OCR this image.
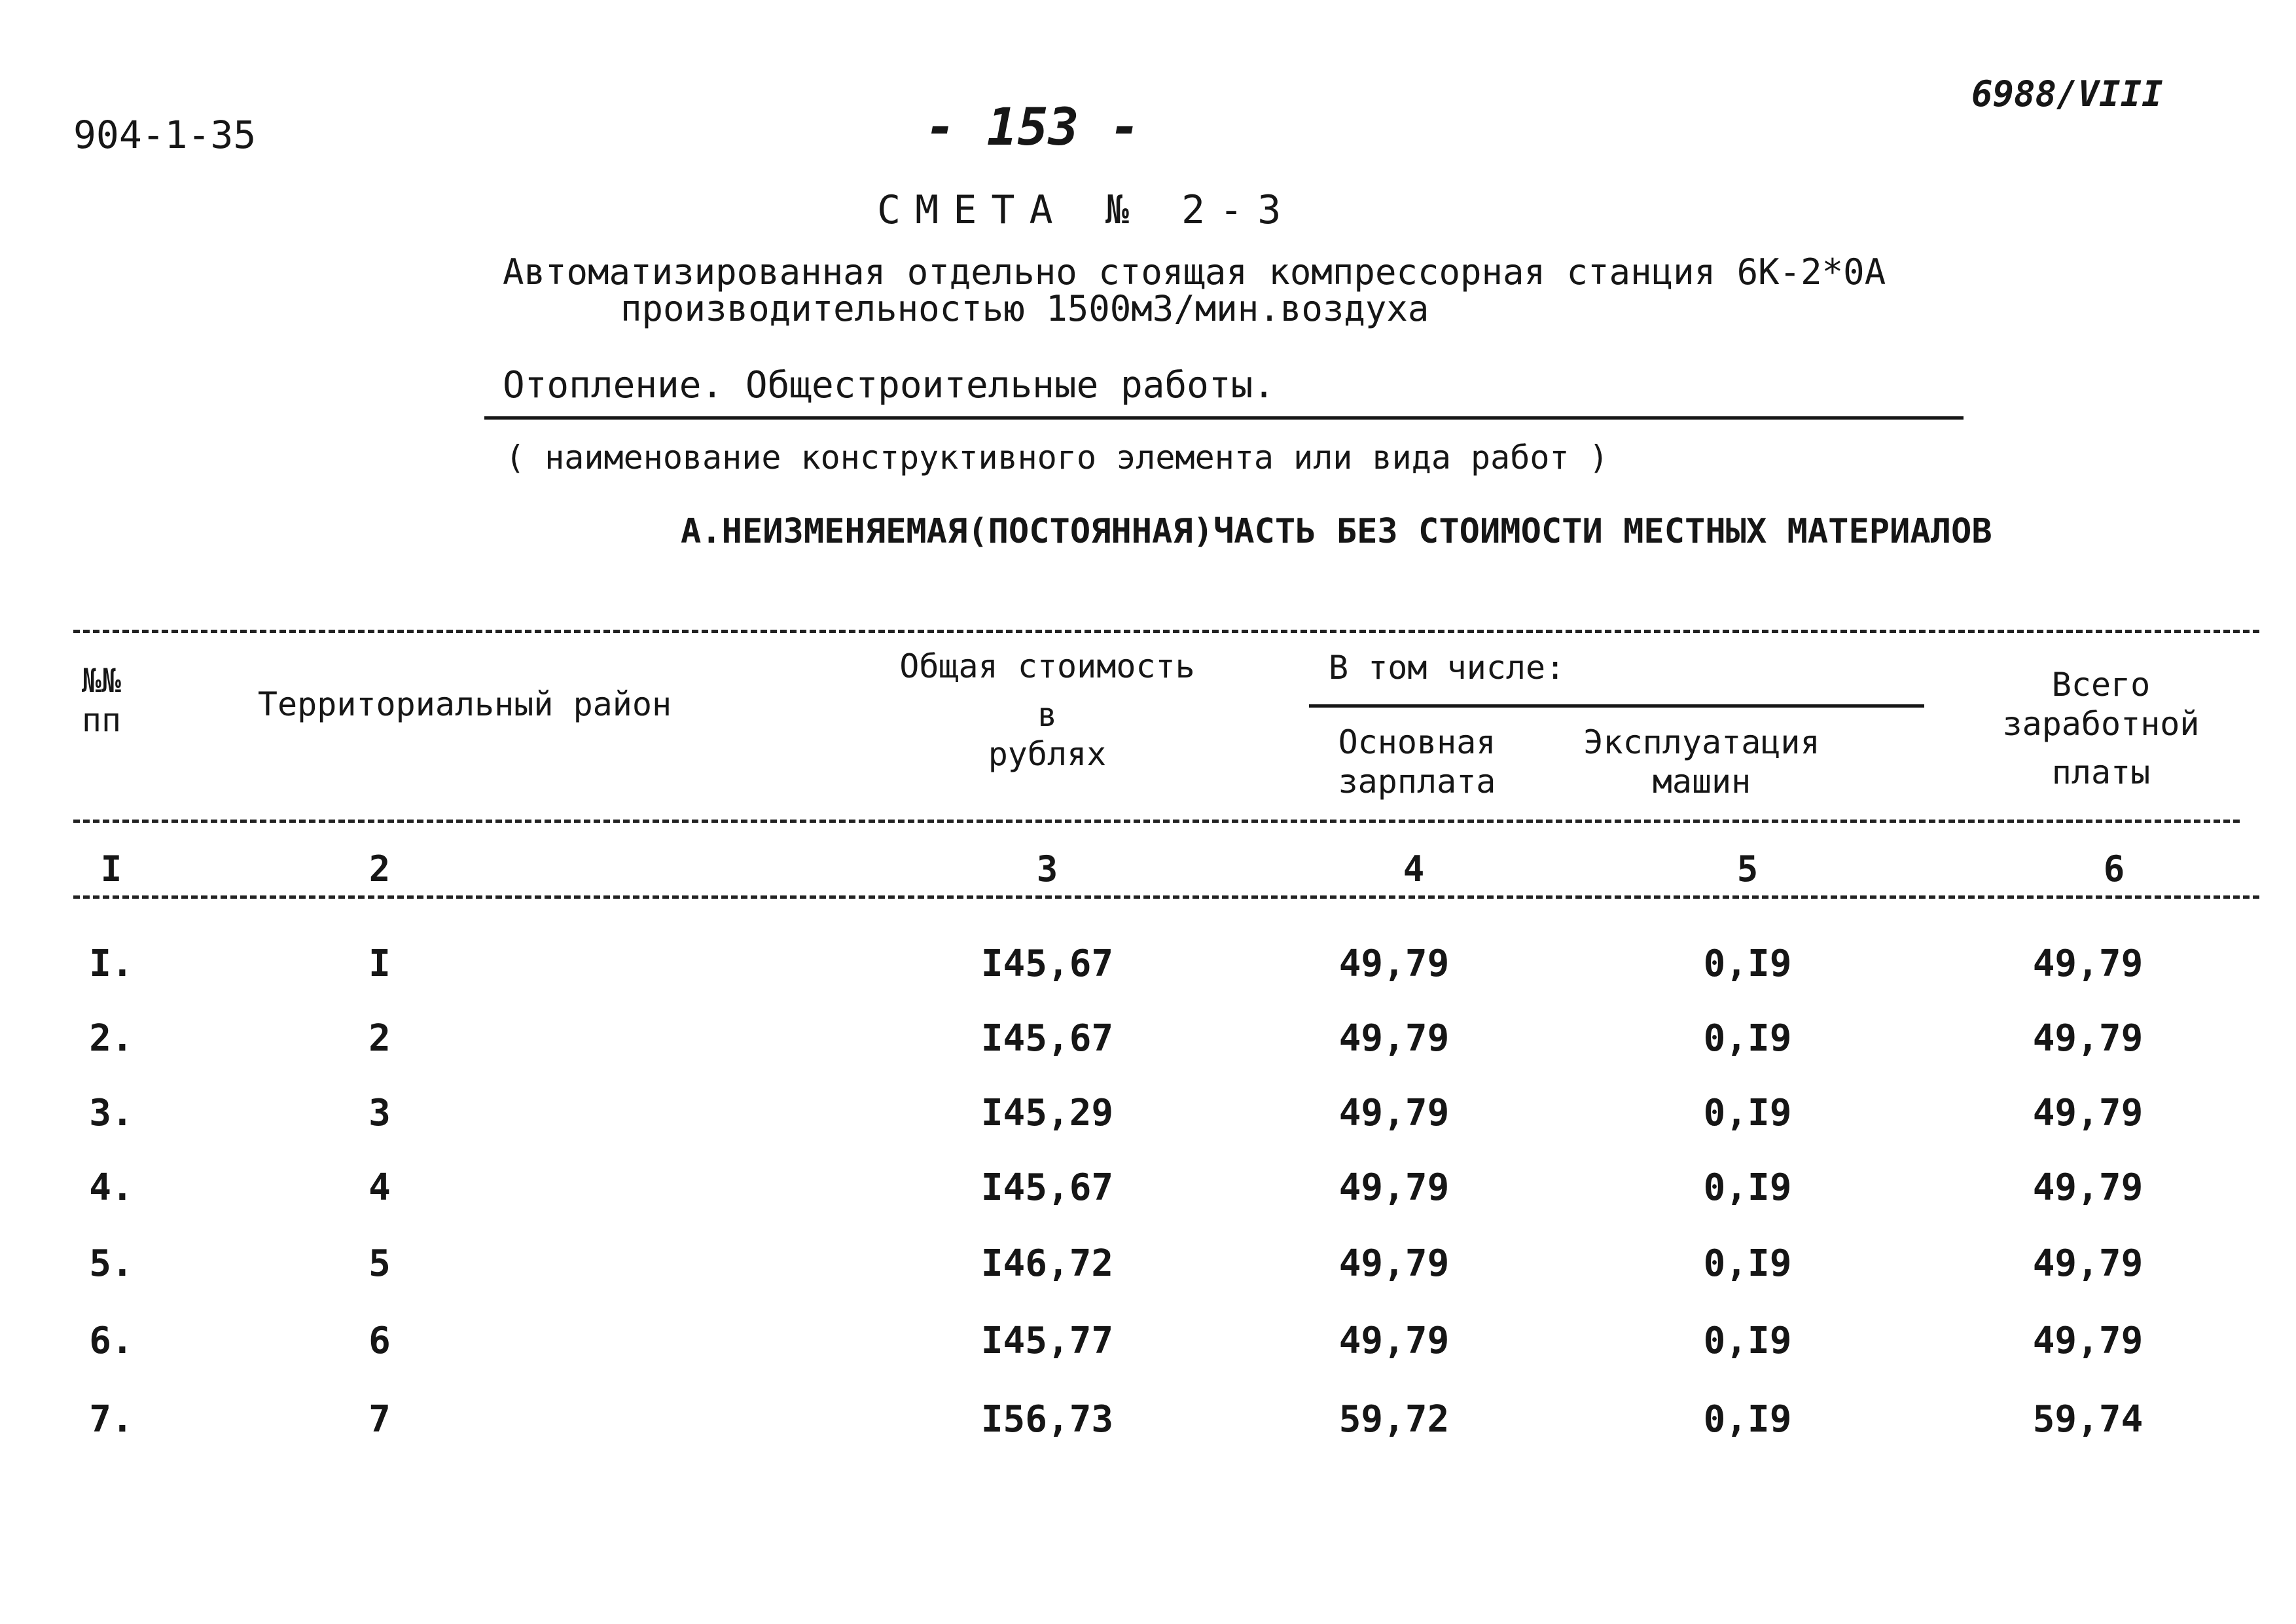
904-1-35	- 153 -
6988/VIII
СМЕТА № 2-3
Автоматизированная отдельно стоящая компрессорная станция 6К-2*0А
производительностью 1500м3/мин.воздуха
Отопление. Общестроительные работы.
( наименование конструктивного элемента или вида работ )
А.НЕИЗМЕНЯЕМАЯ(ПОСТОЯННАЯ)ЧАСТЬ БЕЗ СТОИМОСТИ МЕСТНЫХ МАТЕРИАЛОВ
№№
пп	Территориальный район
Общая стоимость
в
рублях
В том числе:
Основная
зарплата
Эксплуатация
машин
Всего
заработной
платы
I	2	3	4	5	6
I.	I	I45,67	49,79	0,I9	49,79
2.	2	I45,67	49,79	0,I9	49,79
3.	3	I45,29	49,79	0,I9	49,79
4.	4	I45,67	49,79	0,I9	49,79
5.	5	I46,72	49,79	0,I9	49,79
6.	6	I45,77	49,79	0,I9	49,79
7.	7	I56,73	59,72	0,I9	59,74
